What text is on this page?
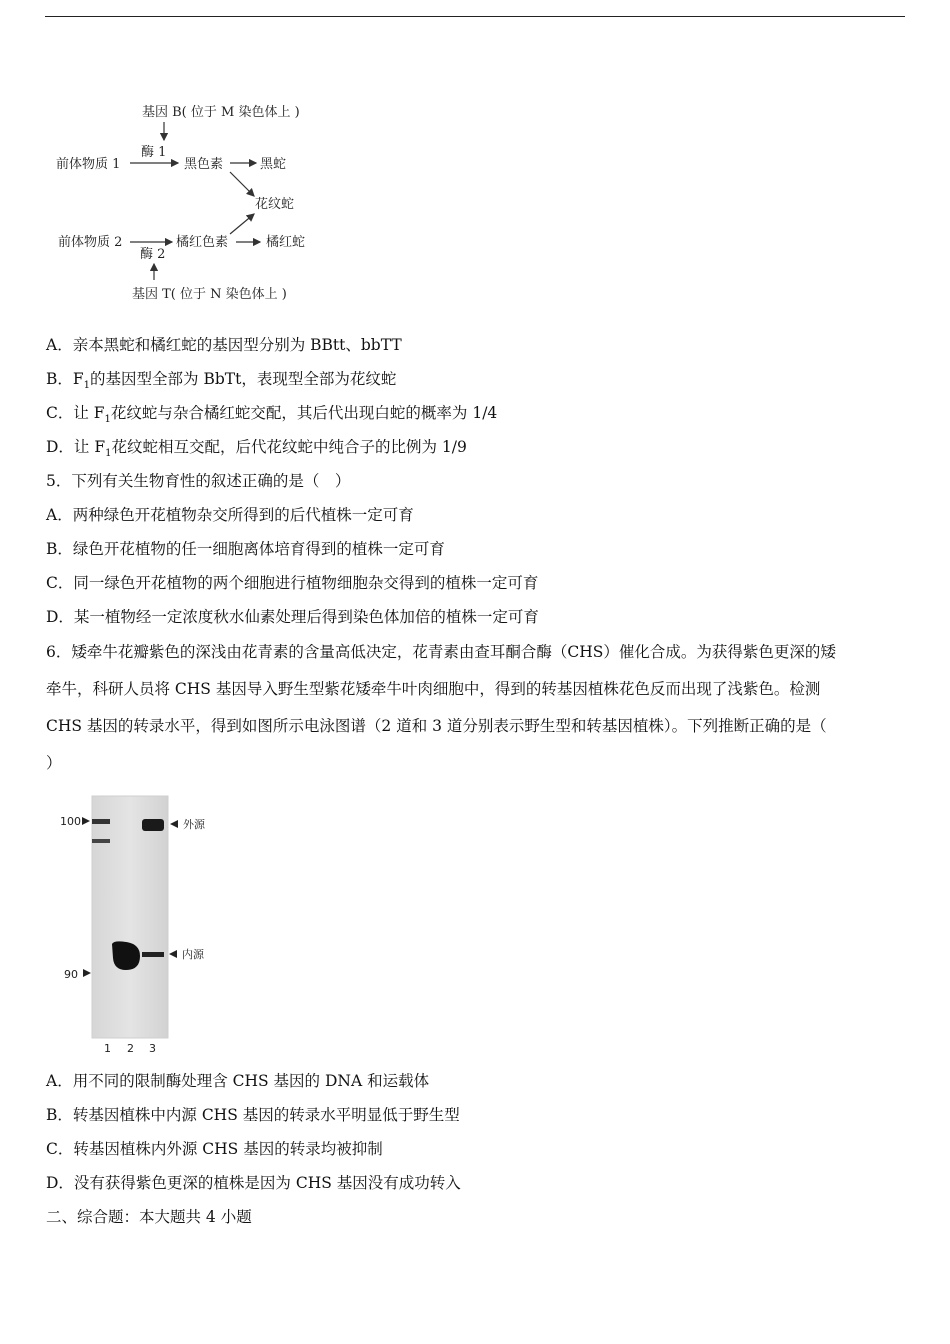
基因 B( 位于 M 染色体上 )
酶 1
前体物质 1	黑色素	黑蛇
花纹蛇
前体物质 2	橘红色素	橘红蛇
酶 2
基因 T( 位于 N 染色体上 )
A．亲本黑蛇和橘红蛇的基因型分别为 BBtt、bbTT
B．$F_1$的基因型全部为 BbTt，表现型全部为花纹蛇
C．让 $F_1$花纹蛇与杂合橘红蛇交配，其后代出现白蛇的概率为 1/4
D．让 $F_1$花纹蛇相互交配，后代花纹蛇中纯合子的比例为 1/9
5．下列有关生物育性的叙述正确的是（　）
A．两种绿色开花植物杂交所得到的后代植株一定可育
B．绿色开花植物的任一细胞离体培育得到的植株一定可育
C．同一绿色开花植物的两个细胞进行植物细胞杂交得到的植株一定可育
D．某一植物经一定浓度秋水仙素处理后得到染色体加倍的植株一定可育
6．矮牵牛花瓣紫色的深浅由花青素的含量高低决定，花青素由查耳酮合酶（CHS）催化合成。为获得紫色更深的矮
牵牛，科研人员将 CHS 基因导入野生型紫花矮牵牛叶肉细胞中，得到的转基因植株花色反而出现了浅紫色。检测
CHS 基因的转录水平，得到如图所示电泳图谱（2 道和 3 道分别表示野生型和转基因植株）。下列推断正确的是（
）
100
90
外源
内源
1 2 3
A．用不同的限制酶处理含 CHS 基因的 DNA 和运载体
B．转基因植株中内源 CHS 基因的转录水平明显低于野生型
C．转基因植株内外源 CHS 基因的转录均被抑制
D．没有获得紫色更深的植株是因为 CHS 基因没有成功转入
二、综合题：本大题共 4 小题
